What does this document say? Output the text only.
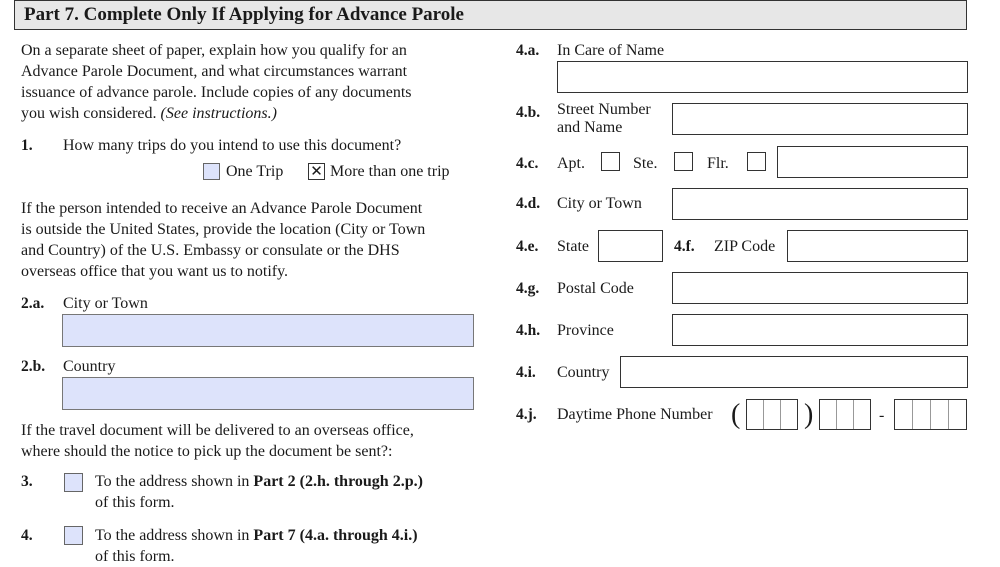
Part 7. Complete Only If Applying for Advance Parole
On a separate sheet of paper, explain how you qualify for an
Advance Parole Document, and what circumstances warrant
issuance of advance parole. Include copies of any documents
you wish considered. (See instructions.)
1. How many trips do you intend to use this document?
One Trip ✕ More than one trip
If the person intended to receive an Advance Parole Document
is outside the United States, provide the location (City or Town
and Country) of the U.S. Embassy or consulate or the DHS
overseas office that you want us to notify.
2.a. City or Town
2.b. Country
If the travel document will be delivered to an overseas office,
where should the notice to pick up the document be sent?:
3.	To the address shown in Part 2 (2.h. through 2.p.)
of this form.
4.	To the address shown in Part 7 (4.a. through 4.i.)
of this form.
4.a. In Care of Name
4.b. Street Number
and Name
4.c. Apt.	Ste.	Flr.
4.d. City or Town
4.e. State	4.f. ZIP Code
4.g. Postal Code
4.h. Province
4.i. Country
4.j. Daytime Phone Number ( )	-
